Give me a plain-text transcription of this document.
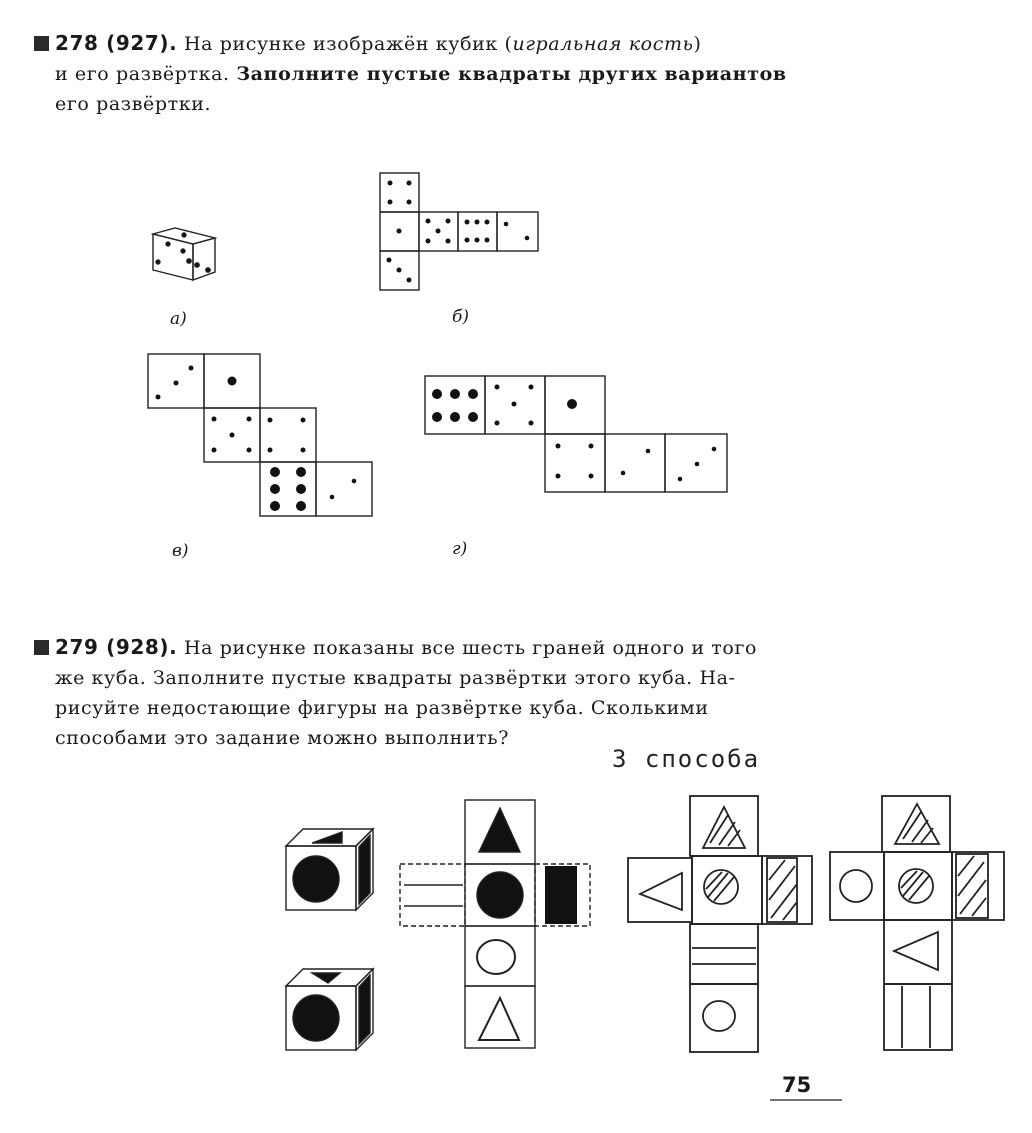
278 (927). На рисунке изображён кубик (игральная кость)
и его развёртка. Заполните пустые квадраты других вариантов
его развёртки.
а)	б)
в)	г)
279 (928). На рисунке показаны все шесть граней одного и того
же куба. Заполните пустые квадраты развёртки этого куба. На-
рисуйте недостающие фигуры на развёртке куба. Сколькими
способами это задание можно выполнить?
3 способа
75
